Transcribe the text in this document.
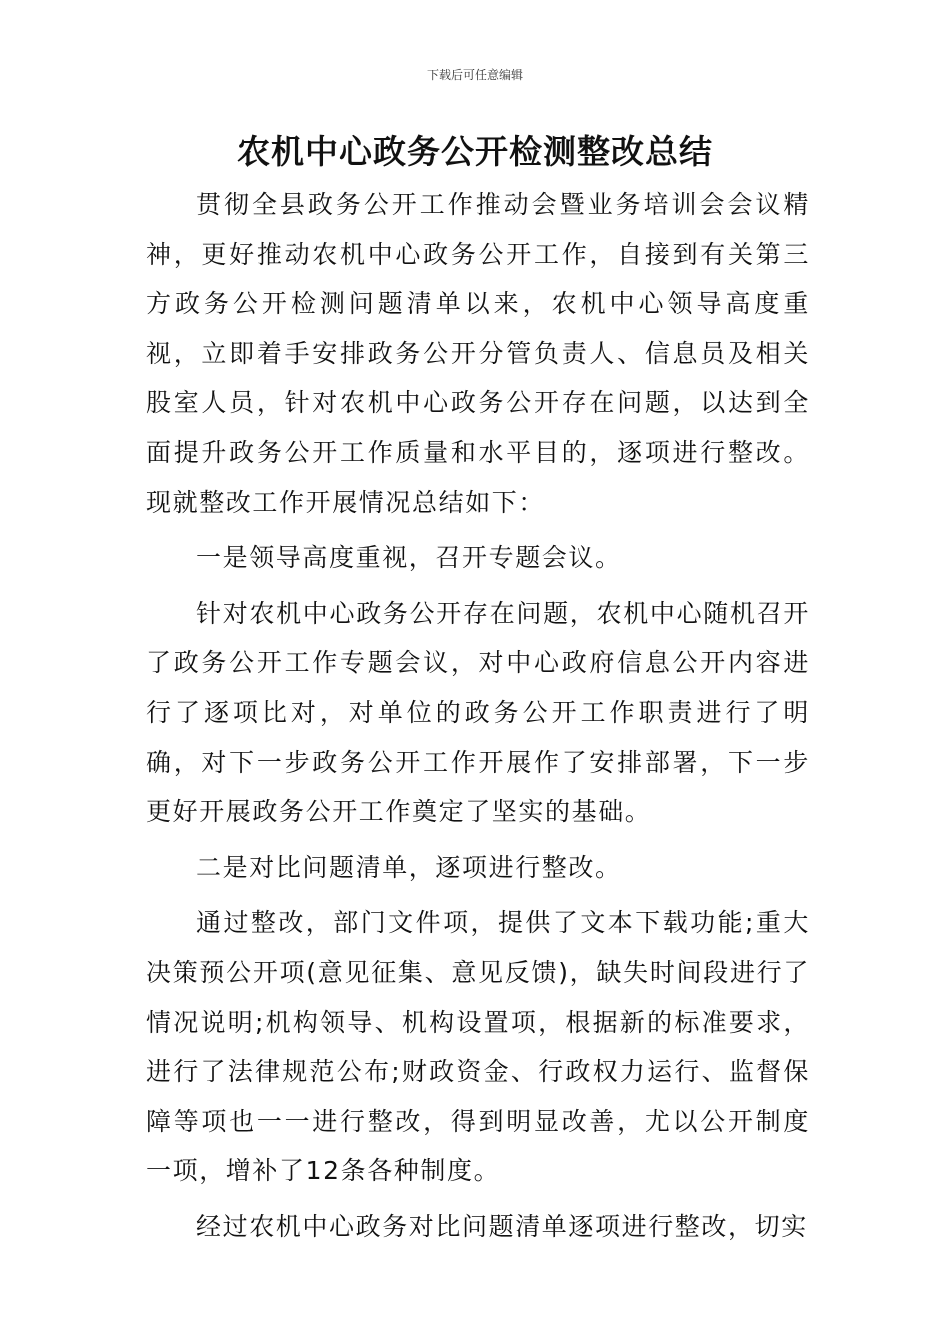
下载后可任意编辑
农机中心政务公开检测整改总结

贯彻全县政务公开工作推动会暨业务培训会会议精神，更好推动农机中心政务公开工作，自接到有关第三方政务公开检测问题清单以来，农机中心领导高度重视，立即着手安排政务公开分管负责人、信息员及相关股室人员，针对农机中心政务公开存在问题，以达到全面提升政务公开工作质量和水平目的，逐项进行整改。现就整改工作开展情况总结如下：

一是领导高度重视，召开专题会议。

针对农机中心政务公开存在问题，农机中心随机召开了政务公开工作专题会议，对中心政府信息公开内容进行了逐项比对，对单位的政务公开工作职责进行了明确，对下一步政务公开工作开展作了安排部署，下一步更好开展政务公开工作奠定了坚实的基础。

二是对比问题清单，逐项进行整改。

通过整改，部门文件项，提供了文本下载功能;重大决策预公开项(意见征集、意见反馈)，缺失时间段进行了情况说明;机构领导、机构设置项，根据新的标准要求，进行了法律规范公布;财政资金、行政权力运行、监督保障等项也一一进行整改，得到明显改善，尤以公开制度一项，增补了12条各种制度。

经过农机中心政务对比问题清单逐项进行整改，切实
